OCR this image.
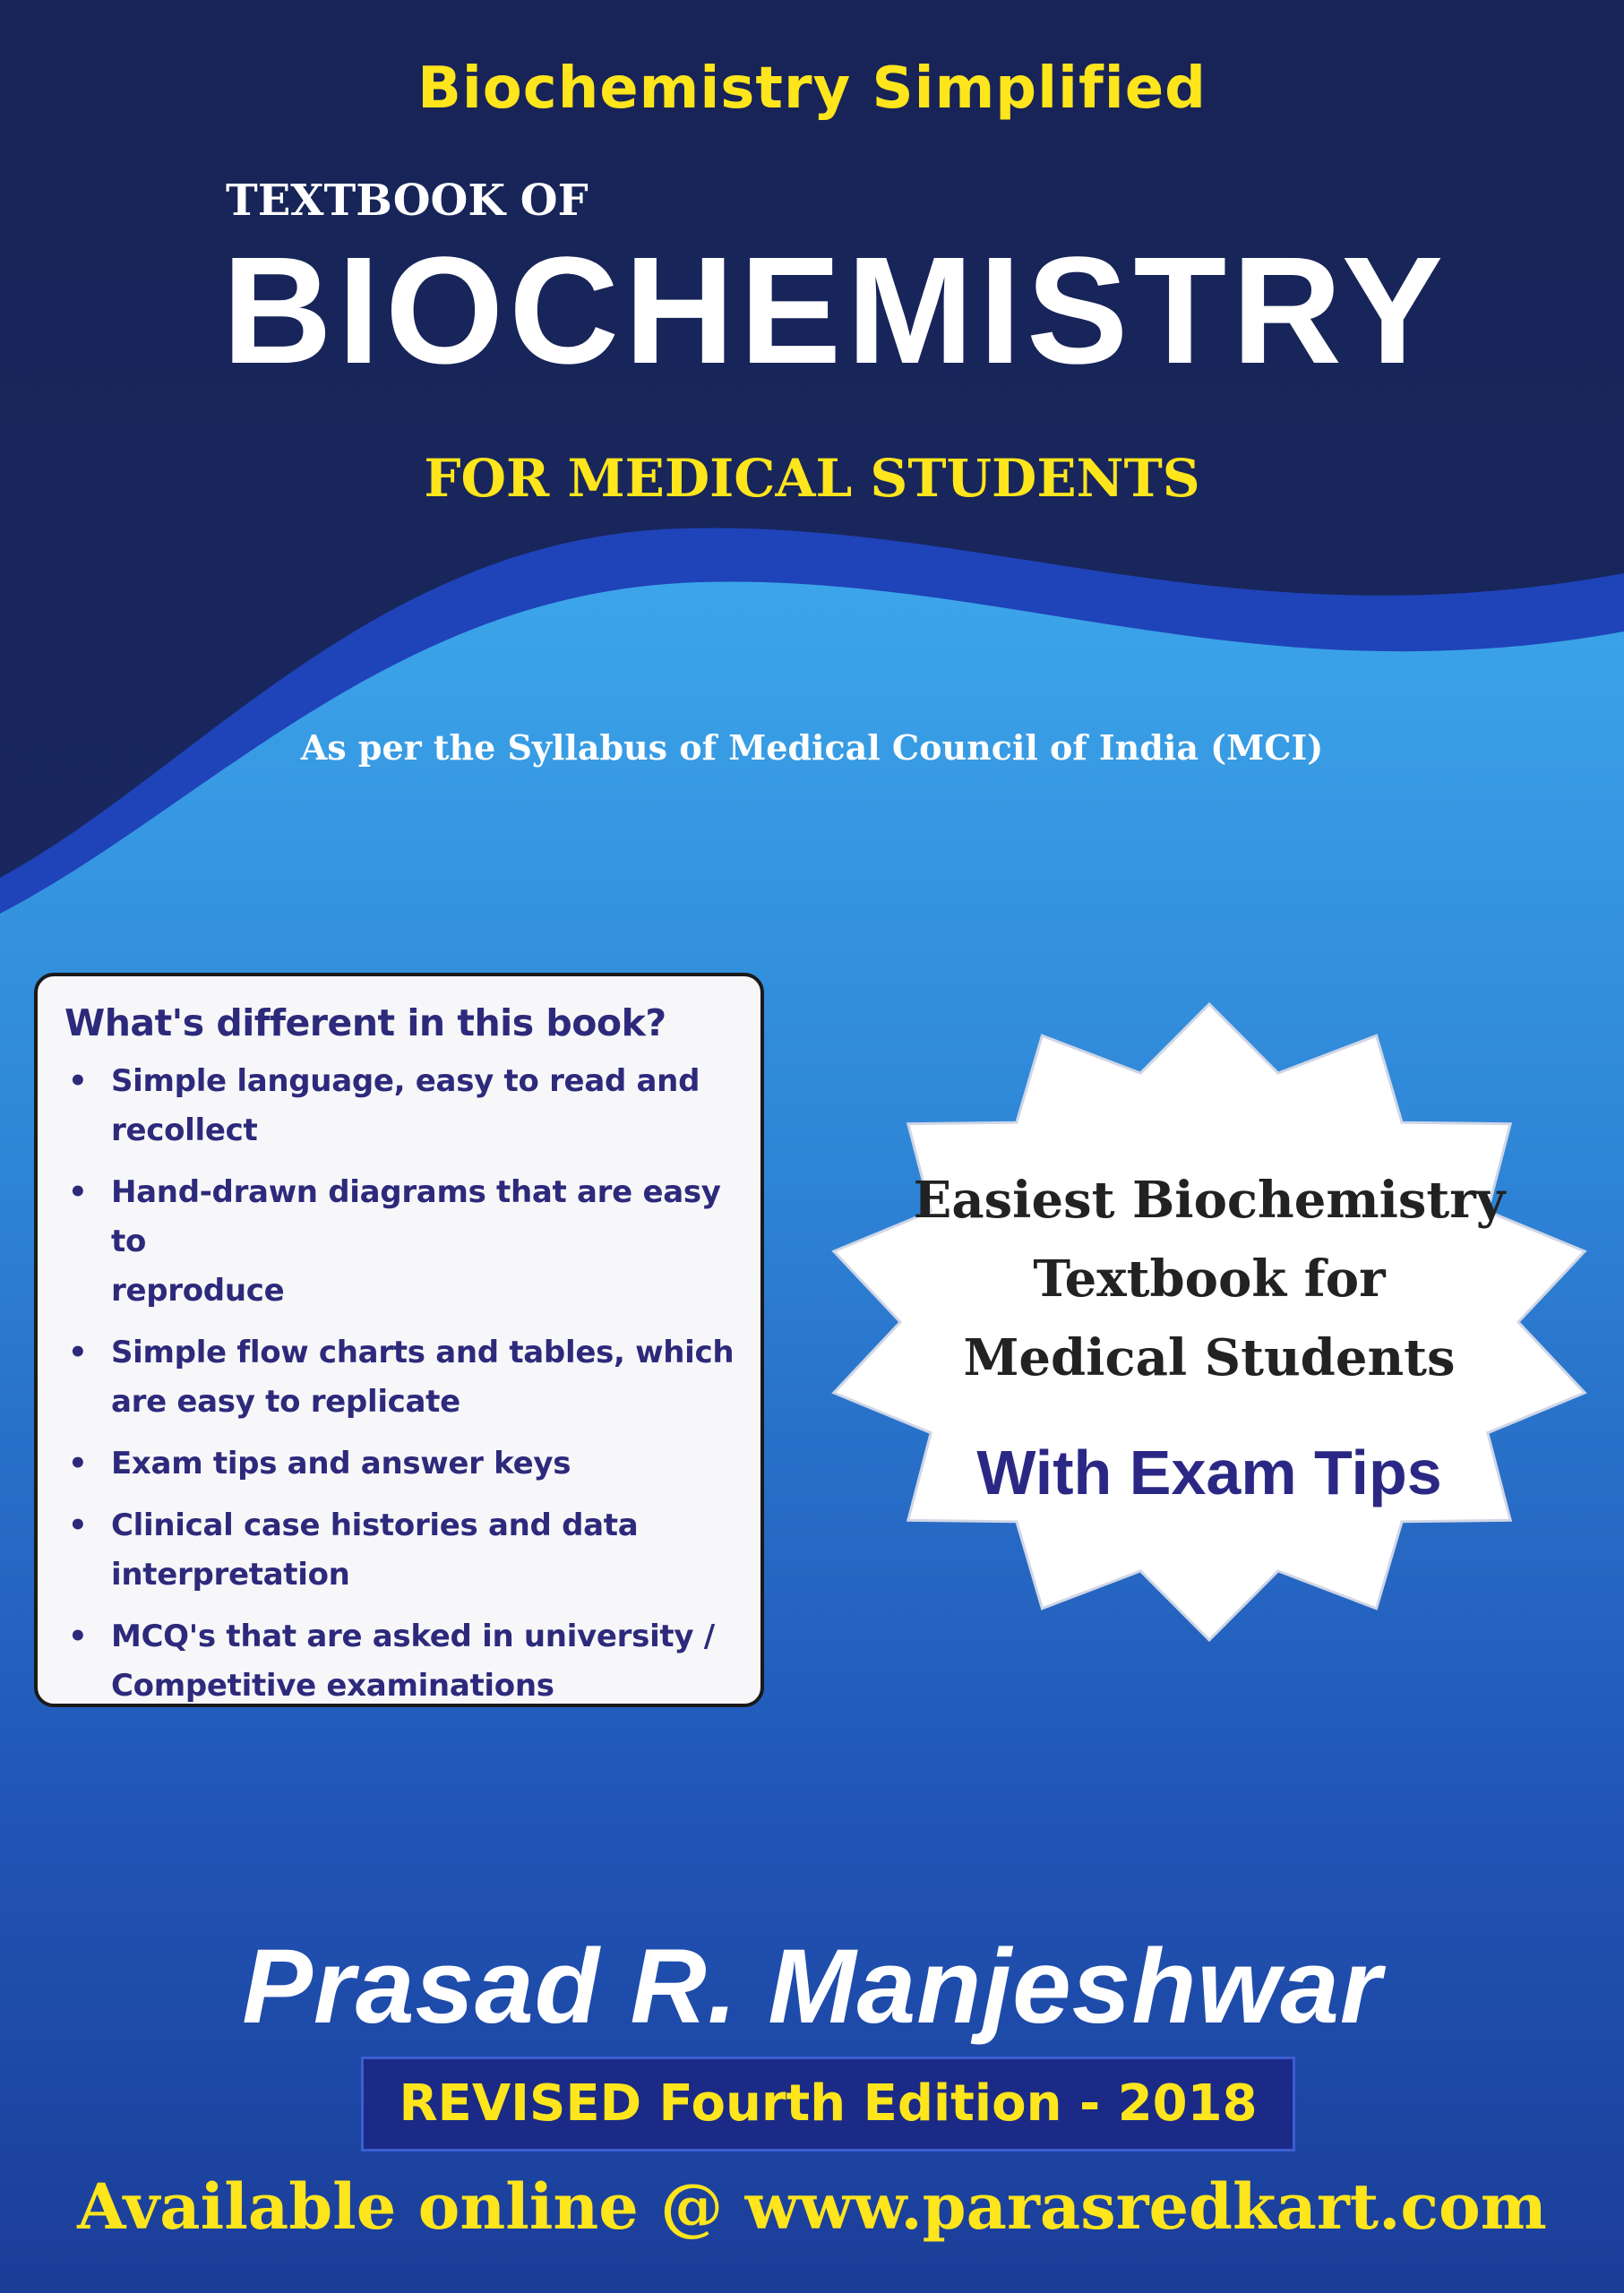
Biochemistry Simplified
TEXTBOOK OF
BIOCHEMISTRY
FOR MEDICAL STUDENTS
As per the Syllabus of Medical Council of India (MCI)
What's different in this book?
• Simple language, easy to read and
recollect
• Hand-drawn diagrams that are easy to
reproduce
• Simple flow charts and tables, which
are easy to replicate
• Exam tips and answer keys
• Clinical case histories and data
interpretation
• MCQ's that are asked in university /
Competitive examinations
Easiest Biochemistry
Textbook for
Medical Students
With Exam Tips
Prasad R. Manjeshwar
REVISED Fourth Edition - 2018
Available online @ www.parasredkart.com
